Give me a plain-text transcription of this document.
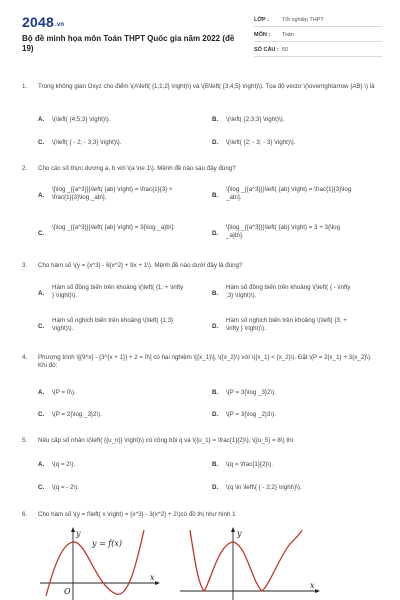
2048.vn
Bộ đề minh họa môn Toán THPT Quốc gia năm 2022 (đề 19)
LỚP : Tốt nghiệp THPT
MÔN : Toán
SỐ CÂU : 50
1. Trong không gian Oxyz cho điểm \(A\left( {1;1;2} \right)\) và \(B\left( {3;4;5} \right)\). Tọa độ vectơ \(\overrightarrow {AB} \) là
A. \(\left( {4;5;3} \right)\).	B. \(\left( {2;3;3} \right)\).
C. \(\left( { - 2; - 3;3} \right)\).	D. \(\left( {2; - 3; - 3} \right)\).
2. Cho các số thực dương a, b với \(a \ne 1\). Mệnh đề nào sau đây đúng?
A.
\[\log _{{a^3}}}\left( {ab} \right) = \frac{1}{3} + \frac{1}{3}\log _ab\].	B.
\[\log _{{a^3}}}\left( {ab} \right) = \frac{1}{3}\log _ab\].
C.
\[\log _{{a^3}}}\left( {ab} \right) = 3{\log _a}b\].
D.
\[\log _{{a^3}}}\left( {ab} \right) = 3 + 3{\log _a}b\].
3. Cho hàm số \(y = {x^3} - 6{x^2} + 9x + 1\). Mệnh đề nào dưới đây là đúng?
A.
Hàm số đồng biến trên khoảng \(\left( {1; + \infty } \right)\).	B.
Hàm số đồng biến trên khoảng \(\left( { - \infty ;3} \right)\).
C.
Hàm số nghịch biến trên khoảng \(\left( {1;3} \right)\).	D.
Hàm số nghịch biến trên khoảng \(\left( {3; + \infty } \right)\).
4. Phương trình \[{9^x} - {3^{x + 1}} + 2 = 0\] có hai nghiệm \[{x_1}\], \({x_2}\) với \({x_1} < {x_2}\). Đặt \(P = 2{x_1} + 3{x_2}\). Khi đó:
A. \(P = 0\).	B. \(P = 3{\log _3}2\).
C. \(P = 2{\log _3}2\).	D. \(P = 3{\log _2}3\).
5. Nếu cấp số nhân \(\left( {{u_n}} \right)\) có công bội q và \({u_1} = \frac{1}{2}\), \({u_5} = 8\) thì
A. \(q = 2\).	B. \(q = \frac{1}{2}\).
C. \(q = - 2\).	D. \(q \in \left\{ { - 2;2} \right\}\).
6. Cho hàm số \(y = f\left( x \right) = {x^3} - 3{x^2} + 2\)có đồ thị như hình 1
y
y = f(x)
x
O
y
x
